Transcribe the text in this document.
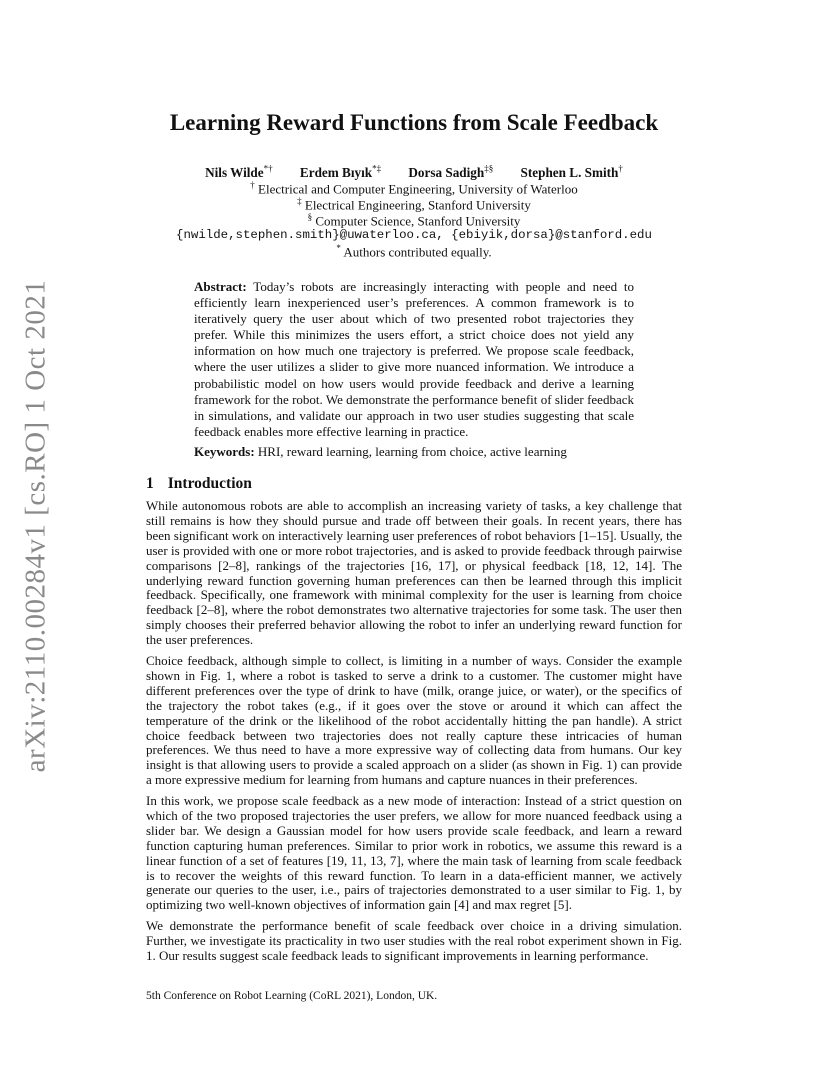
arXiv:2110.00284v1 [cs.RO] 1 Oct 2021
Learning Reward Functions from Scale Feedback
Nils Wilde*† Erdem Bıyık*‡ Dorsa Sadigh‡§ Stephen L. Smith†
† Electrical and Computer Engineering, University of Waterloo
‡ Electrical Engineering, Stanford University
§ Computer Science, Stanford University
{nwilde,stephen.smith}@uwaterloo.ca, {ebiyik,dorsa}@stanford.edu
* Authors contributed equally.
Abstract: Today’s robots are increasingly interacting with people and need to efficiently learn inexperienced user’s preferences. A common framework is to iteratively query the user about which of two presented robot trajectories they prefer. While this minimizes the users effort, a strict choice does not yield any information on how much one trajectory is preferred. We propose scale feedback, where the user utilizes a slider to give more nuanced information. We introduce a probabilistic model on how users would provide feedback and derive a learning framework for the robot. We demonstrate the performance benefit of slider feedback in simulations, and validate our approach in two user studies suggesting that scale feedback enables more effective learning in practice.
Keywords: HRI, reward learning, learning from choice, active learning
1 Introduction
While autonomous robots are able to accomplish an increasing variety of tasks, a key challenge that still remains is how they should pursue and trade off between their goals. In recent years, there has been significant work on interactively learning user preferences of robot behaviors [1–15]. Usually, the user is provided with one or more robot trajectories, and is asked to provide feedback through pairwise comparisons [2–8], rankings of the trajectories [16, 17], or physical feedback [18, 12, 14]. The underlying reward function governing human preferences can then be learned through this implicit feedback. Specifically, one framework with minimal complexity for the user is learning from choice feedback [2–8], where the robot demonstrates two alternative trajectories for some task. The user then simply chooses their preferred behavior allowing the robot to infer an underlying reward function for the user preferences.
Choice feedback, although simple to collect, is limiting in a number of ways. Consider the example shown in Fig. 1, where a robot is tasked to serve a drink to a customer. The customer might have different preferences over the type of drink to have (milk, orange juice, or water), or the specifics of the trajectory the robot takes (e.g., if it goes over the stove or around it which can affect the temperature of the drink or the likelihood of the robot accidentally hitting the pan handle). A strict choice feedback between two trajectories does not really capture these intricacies of human preferences. We thus need to have a more expressive way of collecting data from humans. Our key insight is that allowing users to provide a scaled approach on a slider (as shown in Fig. 1) can provide a more expressive medium for learning from humans and capture nuances in their preferences.
In this work, we propose scale feedback as a new mode of interaction: Instead of a strict question on which of the two proposed trajectories the user prefers, we allow for more nuanced feedback using a slider bar. We design a Gaussian model for how users provide scale feedback, and learn a reward function capturing human preferences. Similar to prior work in robotics, we assume this reward is a linear function of a set of features [19, 11, 13, 7], where the main task of learning from scale feedback is to recover the weights of this reward function. To learn in a data-efficient manner, we actively generate our queries to the user, i.e., pairs of trajectories demonstrated to a user similar to Fig. 1, by optimizing two well-known objectives of information gain [4] and max regret [5].
We demonstrate the performance benefit of scale feedback over choice in a driving simulation. Further, we investigate its practicality in two user studies with the real robot experiment shown in Fig. 1. Our results suggest scale feedback leads to significant improvements in learning performance.
5th Conference on Robot Learning (CoRL 2021), London, UK.
